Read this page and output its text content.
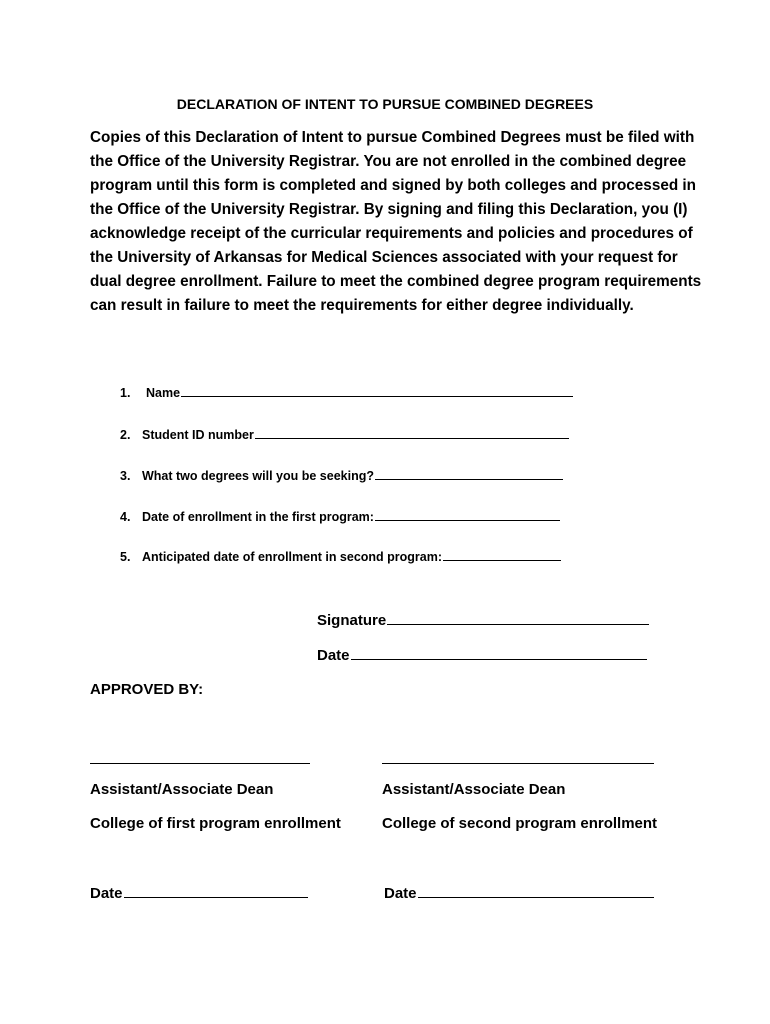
DECLARATION OF INTENT TO PURSUE COMBINED DEGREES
Copies of this Declaration of Intent to pursue Combined Degrees must be filed with the Office of the University Registrar. You are not enrolled in the combined degree program until this form is completed and signed by both colleges and processed in the Office of the University Registrar. By signing and filing this Declaration, you (I) acknowledge receipt of the curricular requirements and policies and procedures of the University of Arkansas for Medical Sciences associated with your request for dual degree enrollment. Failure to meet the combined degree program requirements can result in failure to meet the requirements for either degree individually.
1.	Name
2. Student ID number
3. What two degrees will you be seeking?
4. Date of enrollment in the first program:
5. Anticipated date of enrollment in second program:
Signature
Date
APPROVED BY:
Assistant/Associate Dean	Assistant/Associate Dean
College of first program enrollment	College of second program enrollment
Date	Date
